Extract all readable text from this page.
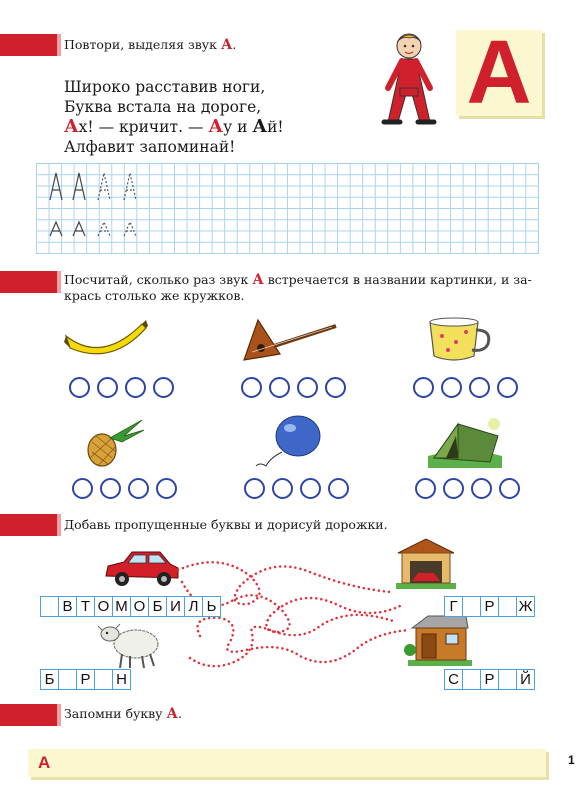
Повтори, выделяя звук А.
Широко расставив ноги,
Буква встала на дороге,
Ах! — кричит. — Ау и Ай!
Алфавит запоминай!
А
Посчитай, сколько раз звук А встречается в названии картинки, и за-
крась столько же кружков.
Добавь пропущенные буквы и дорисуй дорожки.
В Т О М О Б И Л Ь	Г	Р	Ж
Б	Р	Н	С Р	Й
Запомни букву А.
А	1
